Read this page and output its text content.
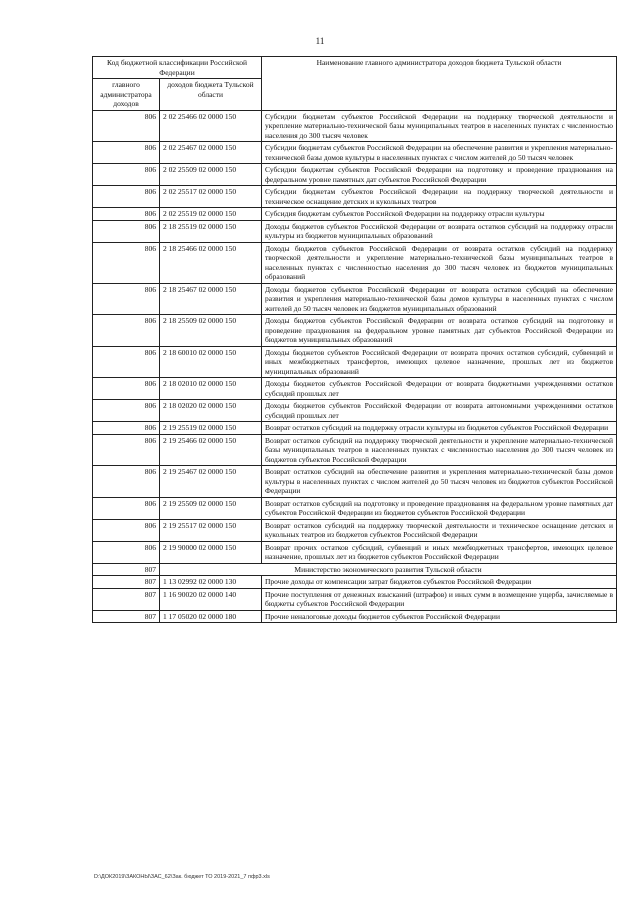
11
Код бюджетной классификации Российской Федерации		Наименование главного администратора доходов бюджета Тульской области
главного администратора доходов	доходов бюджета Тульской области	
806	2 02 25466 02 0000 150	Субсидии бюджетам субъектов Российской Федерации на поддержку творческой деятельности и укрепление материально-технической базы муниципальных театров в населенных пунктах с численностью населения до 300 тысяч человек
806	2 02 25467 02 0000 150	Субсидии бюджетам субъектов Российской Федерации на обеспечение развития и укрепления материально-технической базы домов культуры в населенных пунктах с числом жителей до 50 тысяч человек
806	2 02 25509 02 0000 150	Субсидии бюджетам субъектов Российской Федерации на подготовку и проведение празднования на федеральном уровне памятных дат субъектов Российской Федерации
806	2 02 25517 02 0000 150	Субсидии бюджетам субъектов Российской Федерации на поддержку творческой деятельности и техническое оснащение детских и кукольных театров
806	2 02 25519 02 0000 150	Субсидия бюджетам субъектов Российской Федерации на поддержку отрасли культуры
806	2 18 25519 02 0000 150	Доходы бюджетов субъектов Российской Федерации от возврата остатков субсидий на поддержку отрасли культуры из бюджетов муниципальных образований
806	2 18 25466 02 0000 150	Доходы бюджетов субъектов Российской Федерации от возврата остатков субсидий на поддержку творческой деятельности и укрепление материально-технической базы муниципальных театров в населенных пунктах с численностью населения до 300 тысяч человек из бюджетов муниципальных образований
806	2 18 25467 02 0000 150	Доходы бюджетов субъектов Российской Федерации от возврата остатков субсидий на обеспечение развития и укрепления материально-технической базы домов культуры в населенных пунктах с числом жителей до 50 тысяч человек из бюджетов муниципальных образований
806	2 18 25509 02 0000 150	Доходы бюджетов субъектов Российской Федерации от возврата остатков субсидий на подготовку и проведение празднования на федеральном уровне памятных дат субъектов Российской Федерации из бюджетов муниципальных образований
806	2 18 60010 02 0000 150	Доходы бюджетов субъектов Российской Федерации от возврата прочих остатков субсидий, субвенций и иных межбюджетных трансфертов, имеющих целевое назначение, прошлых лет из бюджетов муниципальных образований
806	2 18 02010 02 0000 150	Доходы бюджетов субъектов Российской Федерации от возврата бюджетными учреждениями остатков субсидий прошлых лет
806	2 18 02020 02 0000 150	Доходы бюджетов субъектов Российской Федерации от возврата автономными учреждениями остатков субсидий прошлых лет
806	2 19 25519 02 0000 150	Возврат остатков субсидий на поддержку отрасли культуры из бюджетов субъектов Российской Федерации
806	2 19 25466 02 0000 150	Возврат остатков субсидий на поддержку творческой деятельности и укрепление материально-технической базы муниципальных театров в населенных пунктах с численностью населения до 300 тысяч человек из бюджетов субъектов Российской Федерации
806	2 19 25467 02 0000 150	Возврат остатков субсидий на обеспечение развития и укрепления материально-технической базы домов культуры в населенных пунктах с числом жителей до 50 тысяч человек из бюджетов субъектов Российской Федерации
806	2 19 25509 02 0000 150	Возврат остатков субсидий на подготовку и проведение празднования на федеральном уровне памятных дат субъектов Российской Федерации из бюджетов субъектов Российской Федерации
806	2 19 25517 02 0000 150	Возврат остатков субсидий на поддержку творческой деятельности и техническое оснащение детских и кукольных театров из бюджетов субъектов Российской Федерации
806	2 19 90000 02 0000 150	Возврат прочих остатков субсидий, субвенций и иных межбюджетных трансфертов, имеющих целевое назначение, прошлых лет из бюджетов субъектов Российской Федерации
807	Министерство экономического развития Тульской области	
807	1 13 02992 02 0000 130	Прочие доходы от компенсации затрат бюджетов субъектов Российской Федерации
807	1 16 90020 02 0000 140	Прочие поступления от денежных взысканий (штрафов) и иных сумм в возмещение ущерба, зачисляемые в бюджеты субъектов Российской Федерации
807	1 17 05020 02 0000 180	Прочие неналоговые доходы бюджетов субъектов Российской Федерации
D:\ДОК2019\ЗАКОНЫ\ЗАС_62\Зак. бюджет ТО 2019-2021_7 пфр3.xls
